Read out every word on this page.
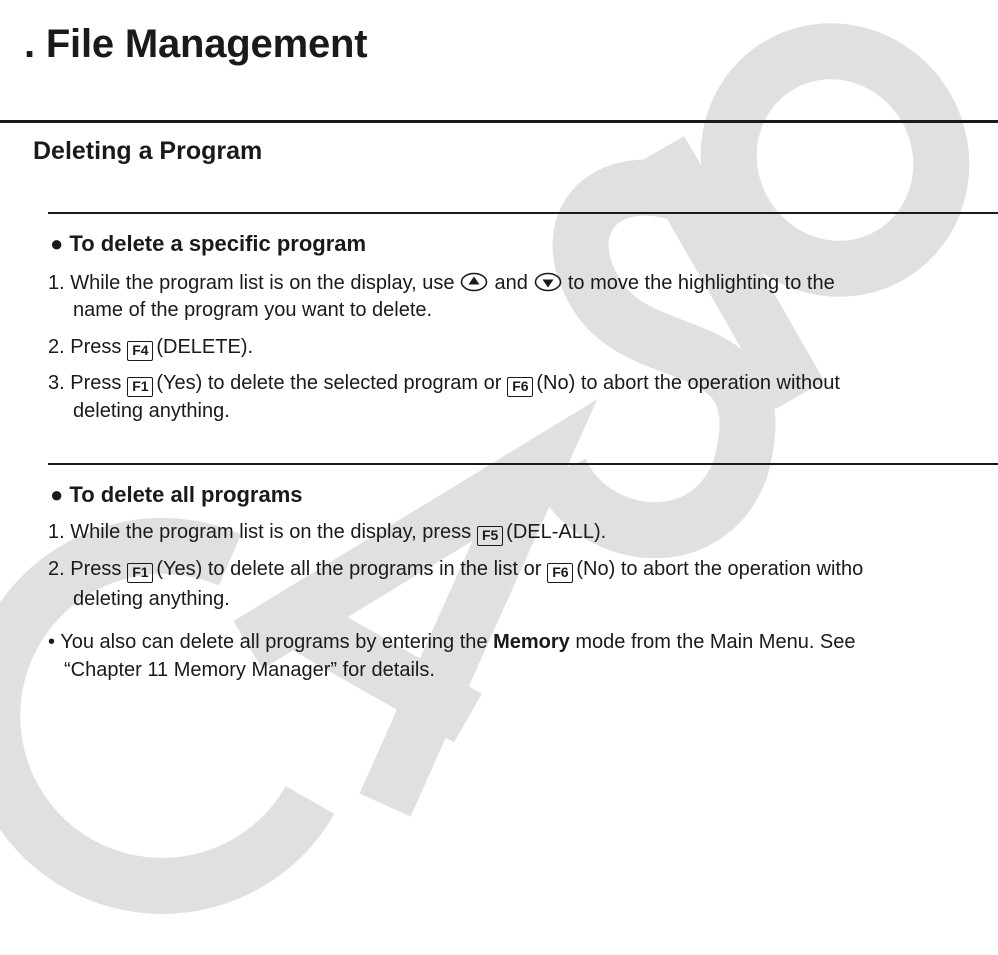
. File Management
Deleting a Program
● To delete a specific program
1. While the program list is on the display, use and to move the highlighting to the
name of the program you want to delete.
2. Press F4 (DELETE).
3. Press F1 (Yes) to delete the selected program or F6 (No) to abort the operation without
deleting anything.
● To delete all programs
1. While the program list is on the display, press F5 (DEL-ALL).
2. Press F1 (Yes) to delete all the programs in the list or F6 (No) to abort the operation witho
deleting anything.
• You also can delete all programs by entering the Memory mode from the Main Menu. See
“Chapter 11 Memory Manager” for details.
